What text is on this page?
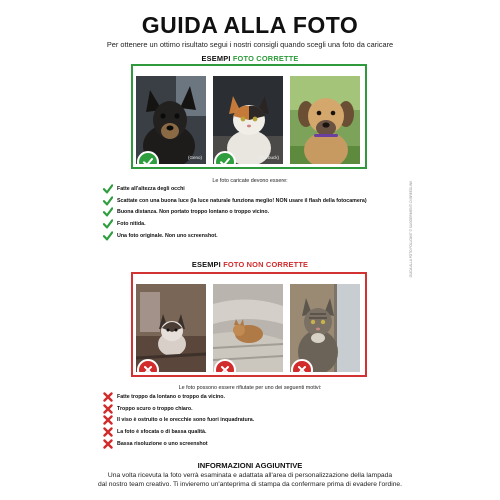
GUIDA ALLA FOTO
Per ottenere un ottimo risultato segui i nostri consigli quando scegli una foto da caricare
ESEMPI FOTO CORRETTE
(Geno)	(Starbuck)
Le foto caricate devono essere:
Fatte all'altezza degli occhi
Scattate con una buona luce (la luce naturale funziona meglio! NON usare il flash della fotocamera)
Buona distanza. Non portato troppo lontano o troppo vicino.
Foto nitida.
Una foto originale. Non uno screenshot.
ESEMPI FOTO NON CORRETTE
Le foto possono essere rifiutate per uno dei seguenti motivi:
Fatte troppo da lontano o troppo da vicino.
Troppo scuro o troppo chiaro.
Il viso è ostruito o le orecchie sono fuori inquadratura.
La foto è sfocata o di bassa qualità.
Bassa risoluzione o uno screenshot
GUIDA ALLA FOTO FOLLOWIT © SUGGERIMENTI DI BREEDLINK
INFORMAZIONI AGGIUNTIVE
Una volta ricevuta la foto verrà esaminata e adattata all'area di personalizzazione della lampada
dal nostro team creativo. Ti invieremo un'anteprima di stampa da confermare prima di evadere l'ordine.
